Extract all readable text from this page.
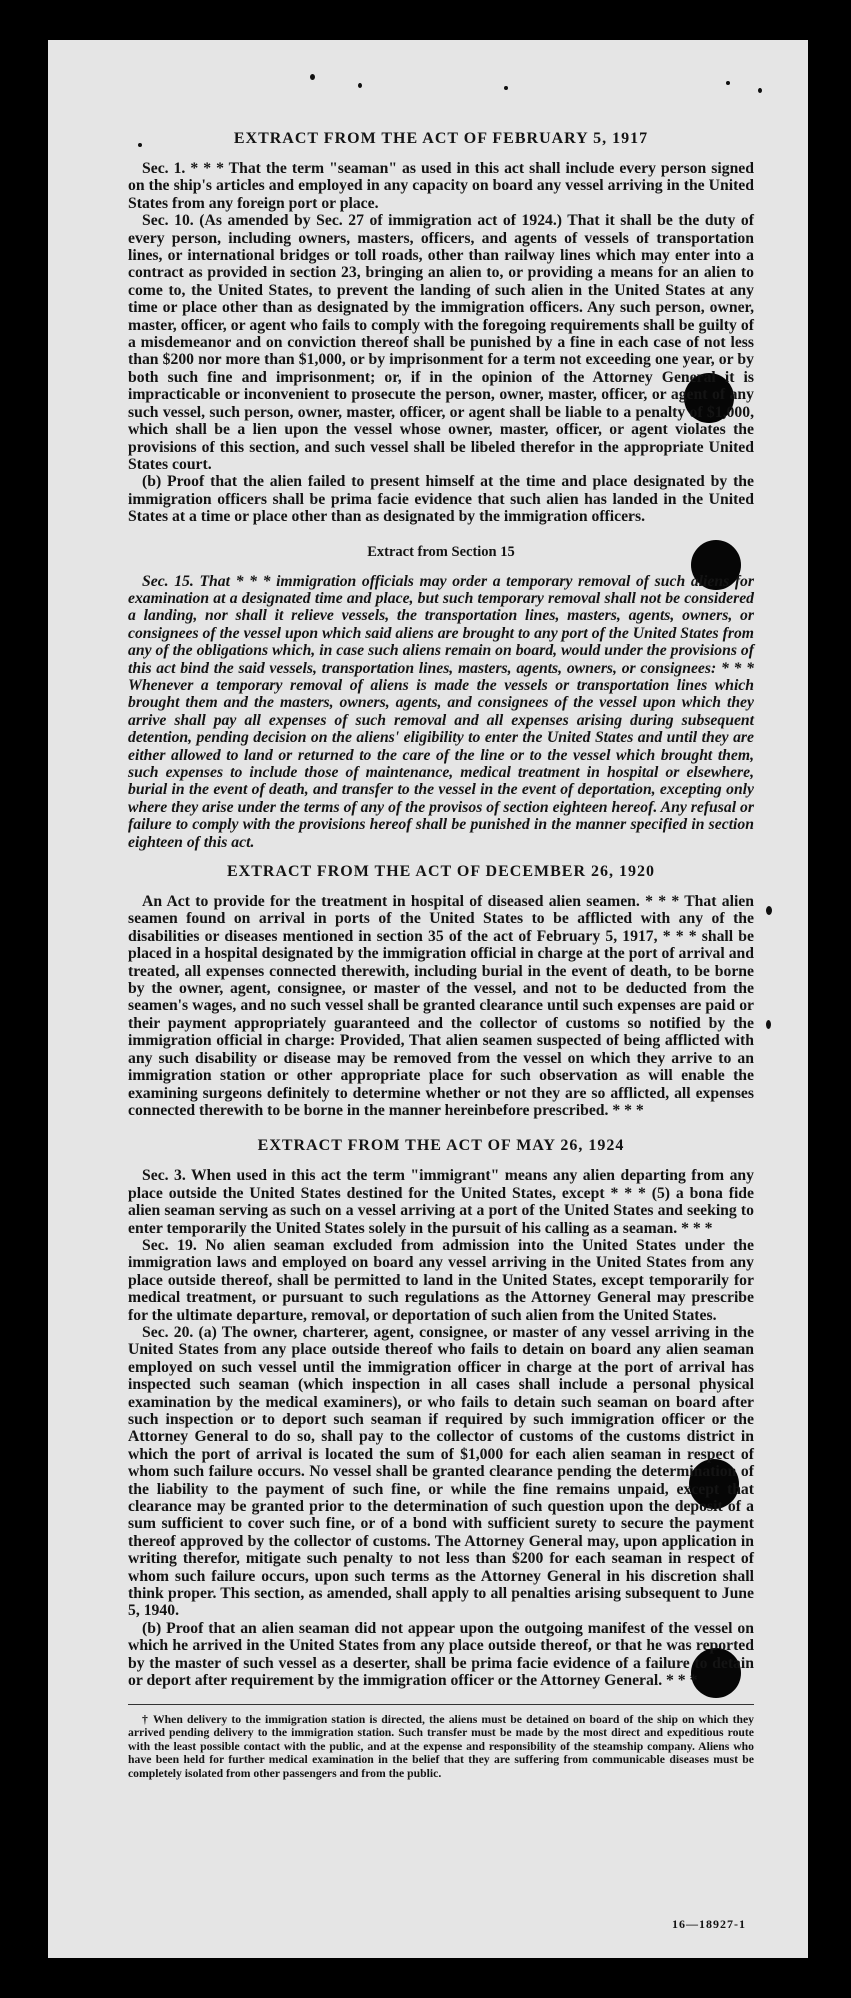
EXTRACT FROM THE ACT OF FEBRUARY 5, 1917

Sec. 1. * * * That the term "seaman" as used in this act shall include every person signed on the ship's articles and employed in any capacity on board any vessel arriving in the United States from any foreign port or place.

Sec. 10. (As amended by Sec. 27 of immigration act of 1924.) That it shall be the duty of every person, including owners, masters, officers, and agents of vessels of transportation lines, or international bridges or toll roads, other than railway lines which may enter into a contract as provided in section 23, bringing an alien to, or providing a means for an alien to come to, the United States, to prevent the landing of such alien in the United States at any time or place other than as designated by the immigration officers. Any such person, owner, master, officer, or agent who fails to comply with the foregoing requirements shall be guilty of a misdemeanor and on conviction thereof shall be punished by a fine in each case of not less than $200 nor more than $1,000, or by imprisonment for a term not exceeding one year, or by both such fine and imprisonment; or, if in the opinion of the Attorney General it is impracticable or inconvenient to prosecute the person, owner, master, officer, or agent of any such vessel, such person, owner, master, officer, or agent shall be liable to a penalty of $1,000, which shall be a lien upon the vessel whose owner, master, officer, or agent violates the provisions of this section, and such vessel shall be libeled therefor in the appropriate United States court.

(b) Proof that the alien failed to present himself at the time and place designated by the immigration officers shall be prima facie evidence that such alien has landed in the United States at a time or place other than as designated by the immigration officers.

Extract from Section 15

Sec. 15. That * * * immigration officials may order a temporary removal of such aliens for examination at a designated time and place, but such temporary removal shall not be considered a landing, nor shall it relieve vessels, the transportation lines, masters, agents, owners, or consignees of the vessel upon which said aliens are brought to any port of the United States from any of the obligations which, in case such aliens remain on board, would under the provisions of this act bind the said vessels, transportation lines, masters, agents, owners, or consignees: * * * Whenever a temporary removal of aliens is made the vessels or transportation lines which brought them and the masters, owners, agents, and consignees of the vessel upon which they arrive shall pay all expenses of such removal and all expenses arising during subsequent detention, pending decision on the aliens' eligibility to enter the United States and until they are either allowed to land or returned to the care of the line or to the vessel which brought them, such expenses to include those of maintenance, medical treatment in hospital or elsewhere, burial in the event of death, and transfer to the vessel in the event of deportation, excepting only where they arise under the terms of any of the provisos of section eighteen hereof. Any refusal or failure to comply with the provisions hereof shall be punished in the manner specified in section eighteen of this act.

EXTRACT FROM THE ACT OF DECEMBER 26, 1920

An Act to provide for the treatment in hospital of diseased alien seamen. * * * That alien seamen found on arrival in ports of the United States to be afflicted with any of the disabilities or diseases mentioned in section 35 of the act of February 5, 1917, * * * shall be placed in a hospital designated by the immigration official in charge at the port of arrival and treated, all expenses connected therewith, including burial in the event of death, to be borne by the owner, agent, consignee, or master of the vessel, and not to be deducted from the seamen's wages, and no such vessel shall be granted clearance until such expenses are paid or their payment appropriately guaranteed and the collector of customs so notified by the immigration official in charge: Provided, That alien seamen suspected of being afflicted with any such disability or disease may be removed from the vessel on which they arrive to an immigration station or other appropriate place for such observation as will enable the examining surgeons definitely to determine whether or not they are so afflicted, all expenses connected therewith to be borne in the manner hereinbefore prescribed. * * *

EXTRACT FROM THE ACT OF MAY 26, 1924

Sec. 3. When used in this act the term "immigrant" means any alien departing from any place outside the United States destined for the United States, except * * * (5) a bona fide alien seaman serving as such on a vessel arriving at a port of the United States and seeking to enter temporarily the United States solely in the pursuit of his calling as a seaman. * * *

Sec. 19. No alien seaman excluded from admission into the United States under the immigration laws and employed on board any vessel arriving in the United States from any place outside thereof, shall be permitted to land in the United States, except temporarily for medical treatment, or pursuant to such regulations as the Attorney General may prescribe for the ultimate departure, removal, or deportation of such alien from the United States.

Sec. 20. (a) The owner, charterer, agent, consignee, or master of any vessel arriving in the United States from any place outside thereof who fails to detain on board any alien seaman employed on such vessel until the immigration officer in charge at the port of arrival has inspected such seaman (which inspection in all cases shall include a personal physical examination by the medical examiners), or who fails to detain such seaman on board after such inspection or to deport such seaman if required by such immigration officer or the Attorney General to do so, shall pay to the collector of customs of the customs district in which the port of arrival is located the sum of $1,000 for each alien seaman in respect of whom such failure occurs. No vessel shall be granted clearance pending the determination of the liability to the payment of such fine, or while the fine remains unpaid, except that clearance may be granted prior to the determination of such question upon the deposit of a sum sufficient to cover such fine, or of a bond with sufficient surety to secure the payment thereof approved by the collector of customs. The Attorney General may, upon application in writing therefor, mitigate such penalty to not less than $200 for each seaman in respect of whom such failure occurs, upon such terms as the Attorney General in his discretion shall think proper. This section, as amended, shall apply to all penalties arising subsequent to June 5, 1940.

(b) Proof that an alien seaman did not appear upon the outgoing manifest of the vessel on which he arrived in the United States from any place outside thereof, or that he was reported by the master of such vessel as a deserter, shall be prima facie evidence of a failure to detain or deport after requirement by the immigration officer or the Attorney General. * * *

† When delivery to the immigration station is directed, the aliens must be detained on board of the ship on which they arrived pending delivery to the immigration station. Such transfer must be made by the most direct and expeditious route with the least possible contact with the public, and at the expense and responsibility of the steamship company. Aliens who have been held for further medical examination in the belief that they are suffering from communicable diseases must be completely isolated from other passengers and from the public.

16—18927-1
